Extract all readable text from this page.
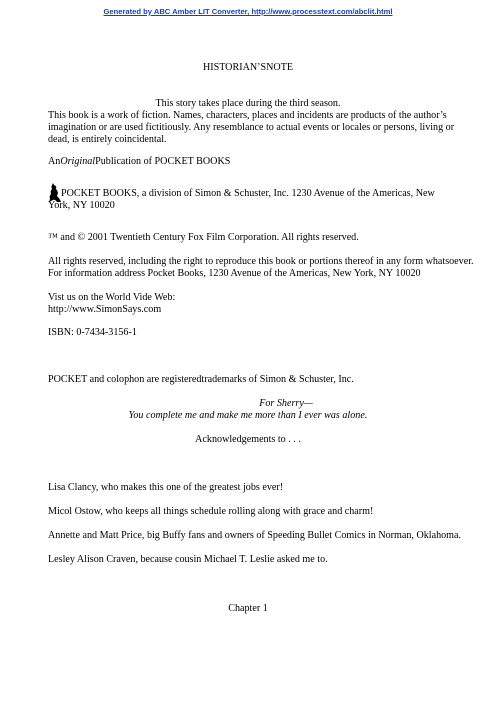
Generated by ABC Amber LIT Converter, http://www.processtext.com/abclit.html
HISTORIAN’SNOTE
This story takes place during the third season.
This book is a work of fiction. Names, characters, places and incidents are products of the author’s
imagination or are used fictitiously. Any resemblance to actual events or locales or persons, living or
dead, is entirely coincidental.
AnOriginalPublication of POCKET BOOKS
POCKET BOOKS, a division of Simon & Schuster, Inc. 1230 Avenue of the Americas, New
York, NY 10020
™ and © 2001 Twentieth Century Fox Film Corporation. All rights reserved.
All rights reserved, including the right to reproduce this book or portions thereof in any form whatsoever.
For information address Pocket Books, 1230 Avenue of the Americas, New York, NY 10020
Vist us on the World Vide Web:
http://www.SimonSays.com
ISBN: 0-7434-3156-1
POCKET and colophon are registeredtrademarks of Simon & Schuster, Inc.
For Sherry—
You complete me and make me more than I ever was alone.
Acknowledgements to . . .
Lisa Clancy, who makes this one of the greatest jobs ever!
Micol Ostow, who keeps all things schedule rolling along with grace and charm!
Annette and Matt Price, big Buffy fans and owners of Speeding Bullet Comics in Norman, Oklahoma.
Lesley Alison Craven, because cousin Michael T. Leslie asked me to.
Chapter 1
